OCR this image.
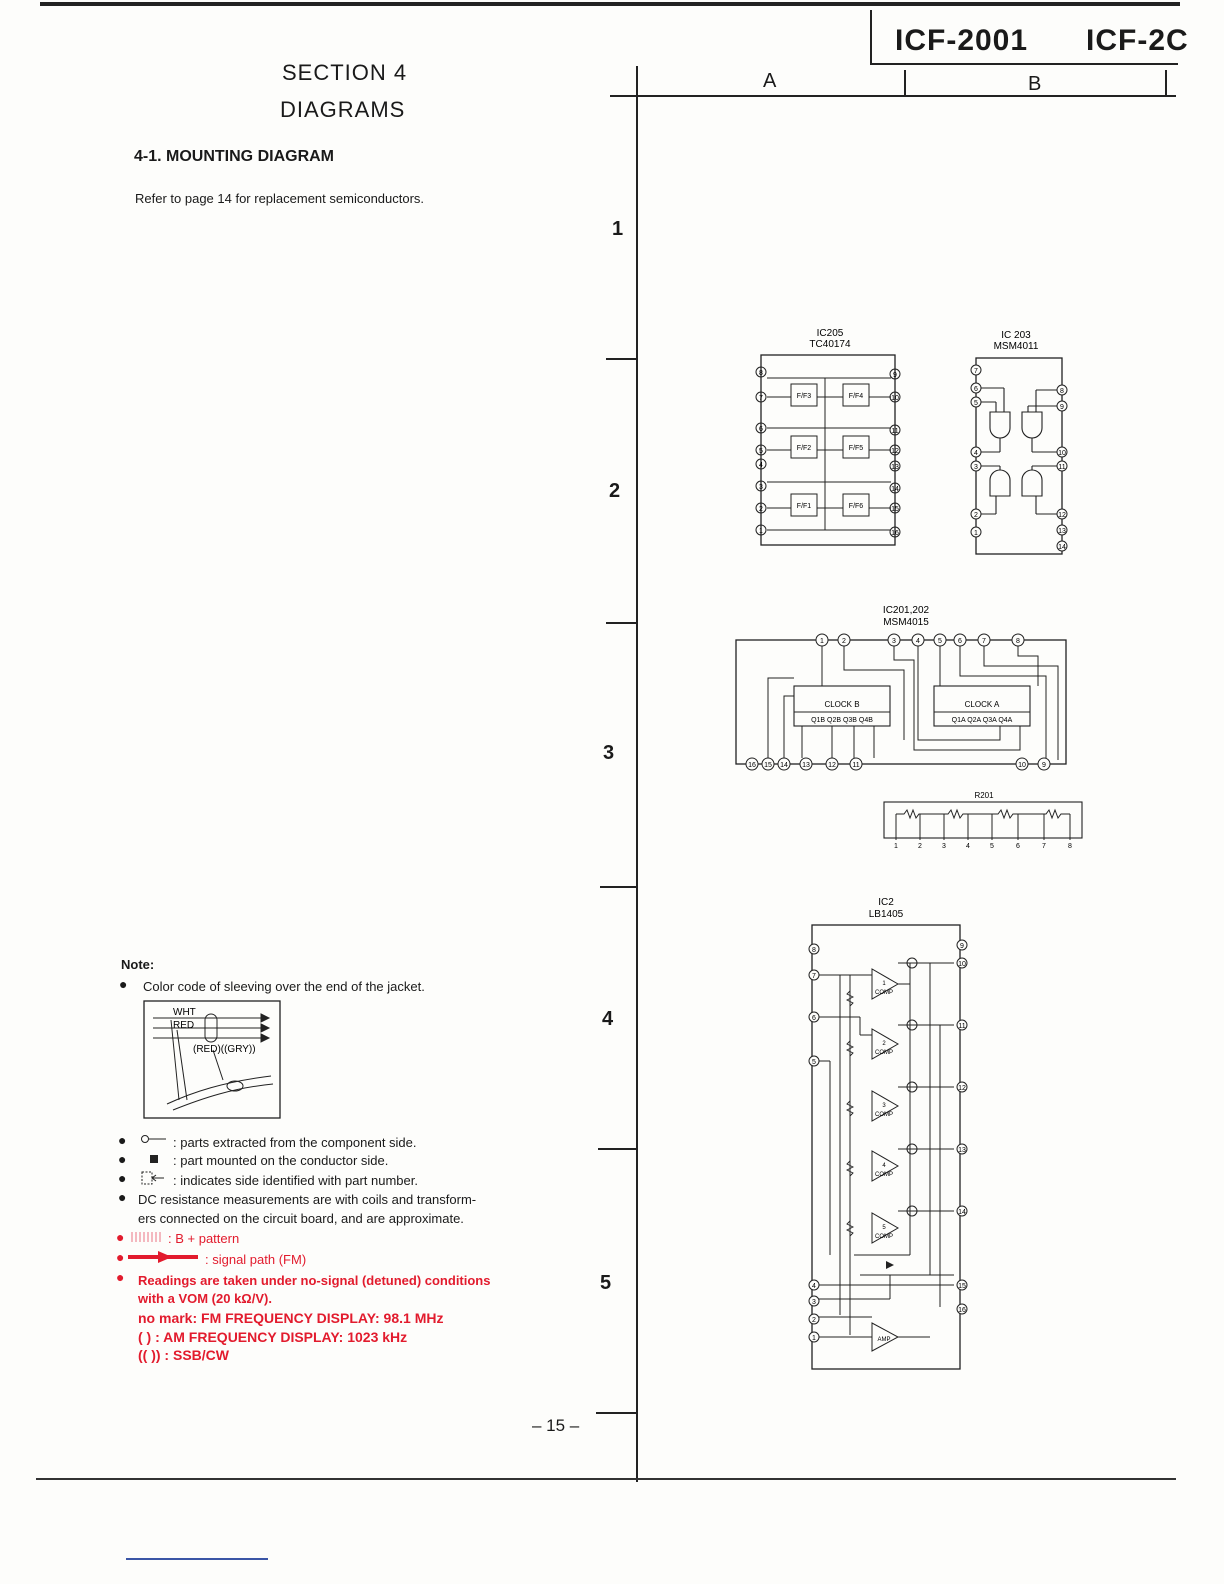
ICF-2001 ICF-2C
A	B
1
2
3
4
5
SECTION 4
DIAGRAMS
4-1. MOUNTING DIAGRAM
Refer to page 14 for replacement semiconductors.
IC205
TC40174
F/F3	F/F4
F/F2	F/F5
F/F1	F/F6
8
7
6
5
4
3
2
1
9
10
11
12
13
14
15
16
IC 203
MSM4011
7
6
5
4
3
2
1
8
9
10
11
12
13
14
IC201,202
MSM4015
CLOCK B	CLOCK A
Q1B Q2B Q3B Q4B	Q1A Q2A Q3A Q4A
1	2	3	4	5 6	7	8
16 15 14 13	12 11	10 9
R201
1	2	3	4	5	6	7	8
IC2
LB1405
1
COMP
2
COMP
3
COMP
4
COMP
5
COMP
AMP
8
7
6
5
4
3
2
1
9
10
11
12
13
14
15
16
Note:
● Color code of sleeving over the end of the jacket.
WHT
RED
(RED)((GRY))
●	: parts extracted from the component side.
●	: part mounted on the conductor side.
●	: indicates side identified with part number.
● DC resistance measurements are with coils and transform-
ers connected on the circuit board, and are approximate.
●	: B + pattern
●	: signal path (FM)
● Readings are taken under no-signal (detuned) conditions
with a VOM (20 kΩ/V).
no mark: FM FREQUENCY DISPLAY: 98.1 MHz
( ) : AM FREQUENCY DISPLAY: 1023 kHz
(( )) : SSB/CW
– 15 –
